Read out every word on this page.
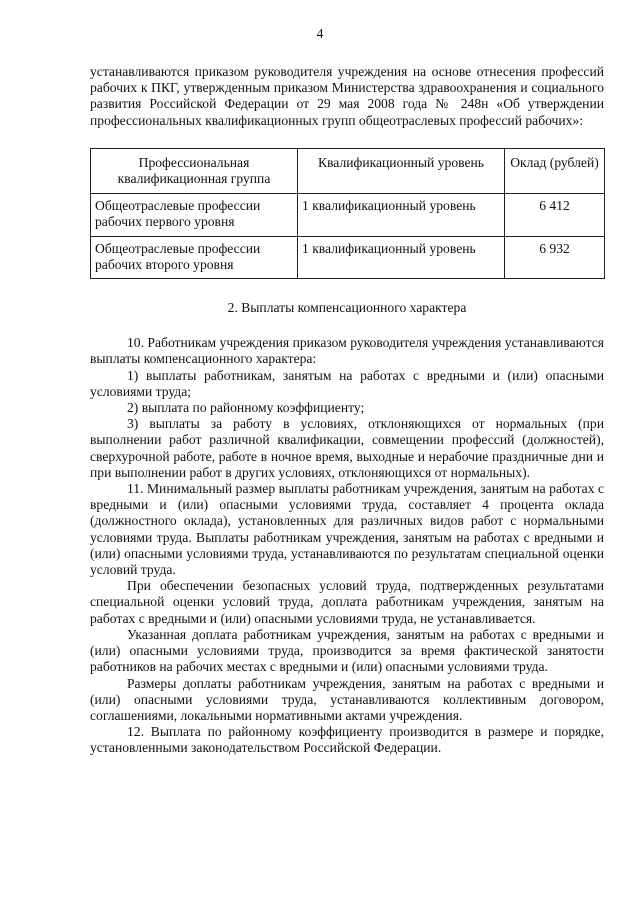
4

устанавливаются приказом руководителя учреждения на основе отнесения профессий рабочих к ПКГ, утвержденным приказом Министерства здравоохранения и социального развития Российской Федерации от 29 мая 2008 года № 248н «Об утверждении профессиональных квалификационных групп общеотраслевых профессий рабочих»:

Профессиональная квалификационная группа	Квалификационный уровень	Оклад (рублей)
Общеотраслевые профессии рабочих первого уровня	1 квалификационный уровень	6 412
Общеотраслевые профессии рабочих второго уровня	1 квалификационный уровень	6 932

2. Выплаты компенсационного характера

10. Работникам учреждения приказом руководителя учреждения устанавливаются выплаты компенсационного характера:

1) выплаты работникам, занятым на работах с вредными и (или) опасными условиями труда;

2) выплата по районному коэффициенту;

3) выплаты за работу в условиях, отклоняющихся от нормальных (при выполнении работ различной квалификации, совмещении профессий (должностей), сверхурочной работе, работе в ночное время, выходные и нерабочие праздничные дни и при выполнении работ в других условиях, отклоняющихся от нормальных).

11. Минимальный размер выплаты работникам учреждения, занятым на работах с вредными и (или) опасными условиями труда, составляет 4 процента оклада (должностного оклада), установленных для различных видов работ с нормальными условиями труда. Выплаты работникам учреждения, занятым на работах с вредными и (или) опасными условиями труда, устанавливаются по результатам специальной оценки условий труда.

При обеспечении безопасных условий труда, подтвержденных результатами специальной оценки условий труда, доплата работникам учреждения, занятым на работах с вредными и (или) опасными условиями труда, не устанавливается.

Указанная доплата работникам учреждения, занятым на работах с вредными и (или) опасными условиями труда, производится за время фактической занятости работников на рабочих местах с вредными и (или) опасными условиями труда.

Размеры доплаты работникам учреждения, занятым на работах с вредными и (или) опасными условиями труда, устанавливаются коллективным договором, соглашениями, локальными нормативными актами учреждения.

12. Выплата по районному коэффициенту производится в размере и порядке, установленными законодательством Российской Федерации.
